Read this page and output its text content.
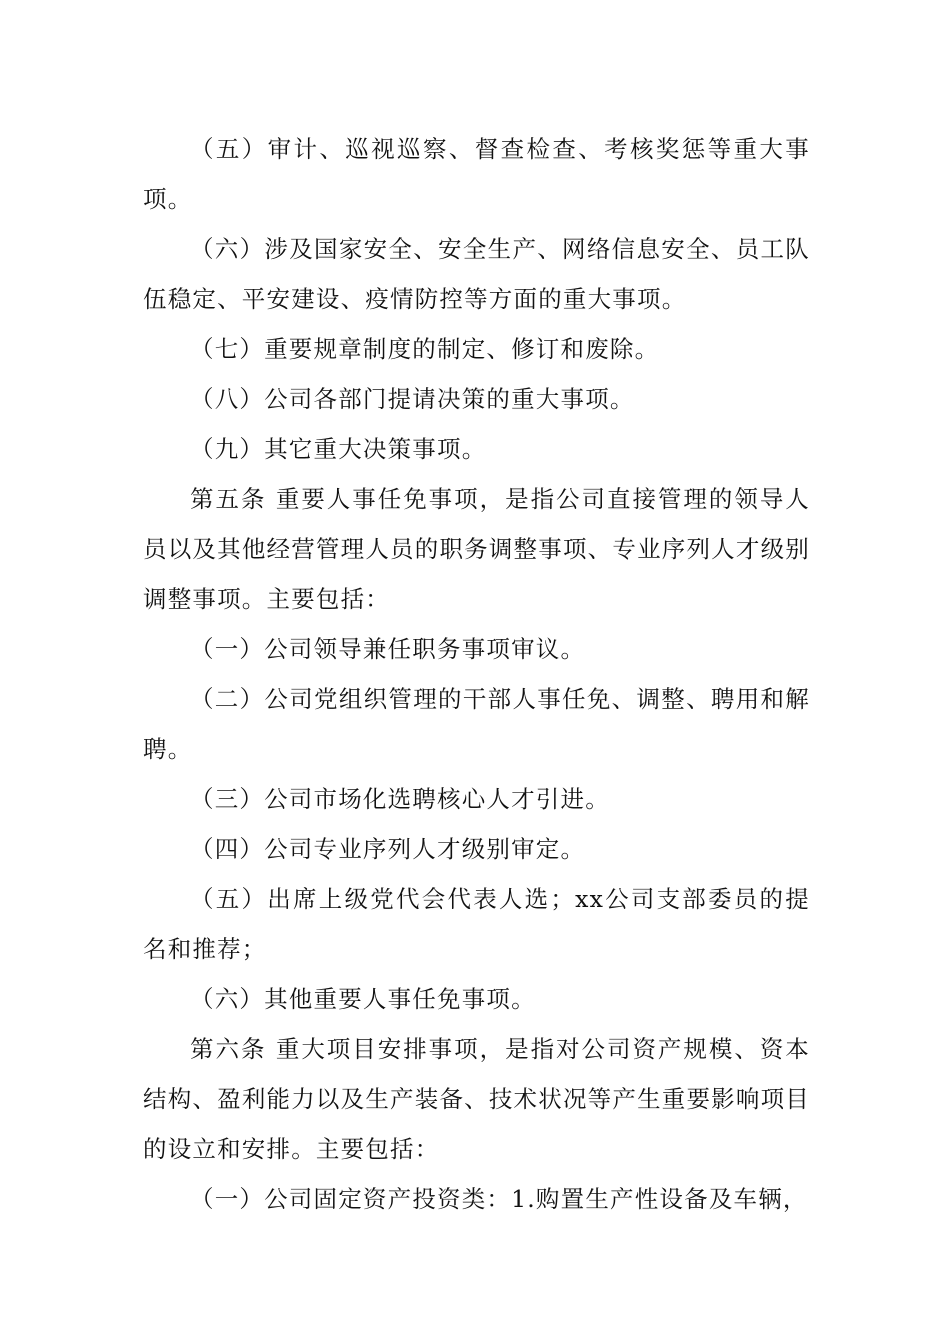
（五）审计、巡视巡察、督查检查、考核奖惩等重大事项。

（六）涉及国家安全、安全生产、网络信息安全、员工队伍稳定、平安建设、疫情防控等方面的重大事项。

（七）重要规章制度的制定、修订和废除。

（八）公司各部门提请决策的重大事项。

（九）其它重大决策事项。

第五条 重要人事任免事项，是指公司直接管理的领导人员以及其他经营管理人员的职务调整事项、专业序列人才级别调整事项。主要包括：

（一）公司领导兼任职务事项审议。

（二）公司党组织管理的干部人事任免、调整、聘用和解聘。

（三）公司市场化选聘核心人才引进。

（四）公司专业序列人才级别审定。

（五）出席上级党代会代表人选；xx公司支部委员的提名和推荐；

（六）其他重要人事任免事项。

第六条 重大项目安排事项，是指对公司资产规模、资本结构、盈利能力以及生产装备、技术状况等产生重要影响项目的设立和安排。主要包括：

（一）公司固定资产投资类：1.购置生产性设备及车辆，
